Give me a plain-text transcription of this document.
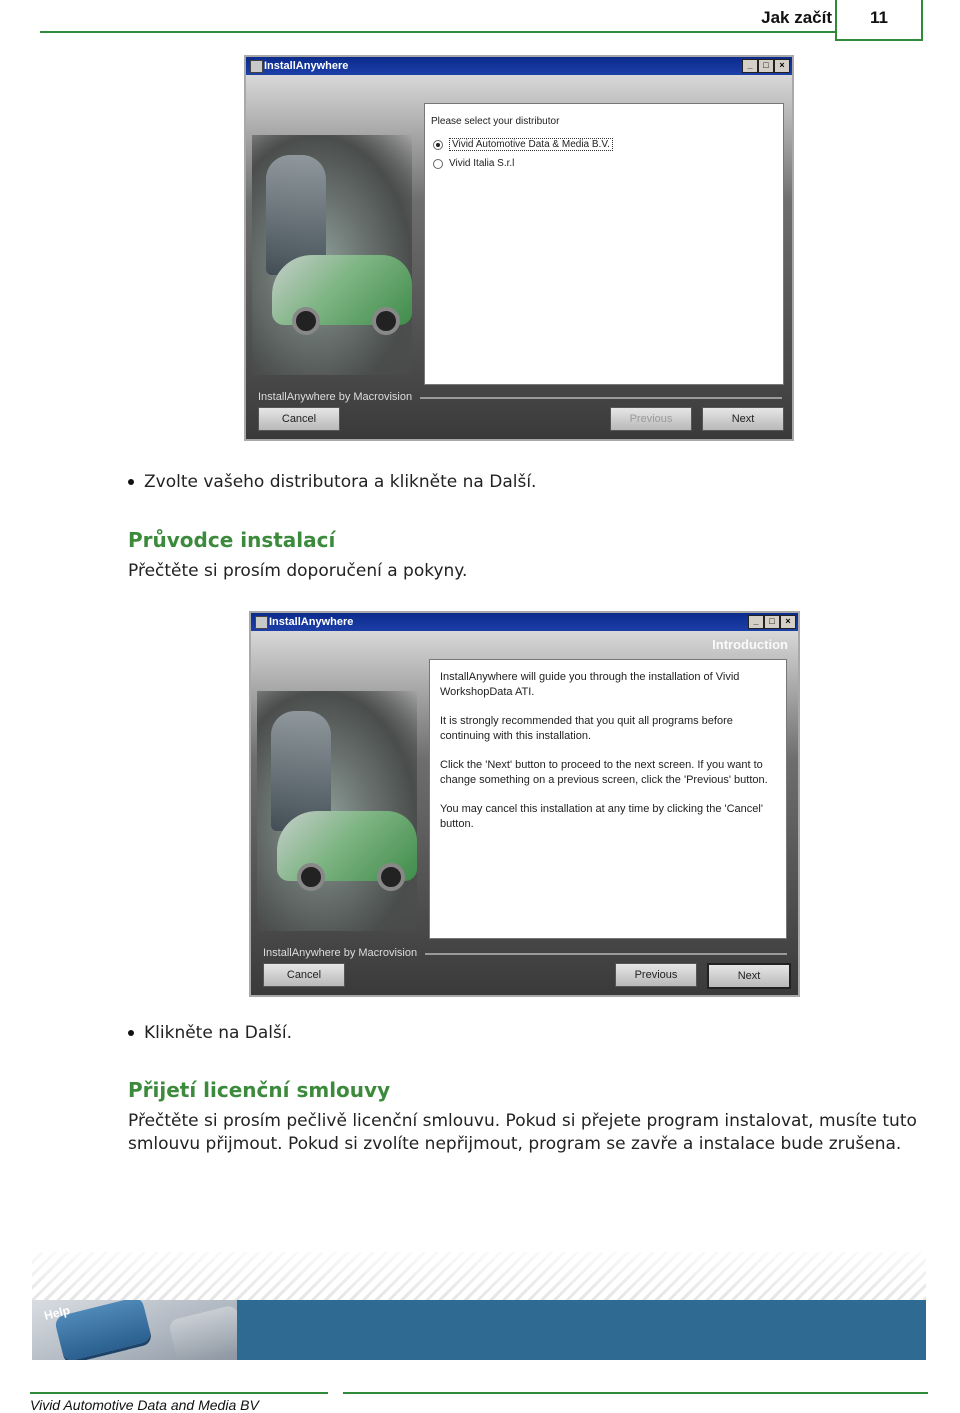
Jak začít	11
InstallAnywhere	_	□	×
Please select your distributor
Vivid Automotive Data & Media B.V.
Vivid Italia S.r.l
InstallAnywhere by Macrovision
Cancel	Previous	Next
Zvolte vašeho distributora a klikněte na Další.
Průvodce instalací
Přečtěte si prosím doporučení a pokyny.
InstallAnywhere	_	□	×
Introduction

InstallAnywhere will guide you through the installation of Vivid WorkshopData ATI.

It is strongly recommended that you quit all programs before continuing with this installation.

Click the 'Next' button to proceed to the next screen. If you want to change something on a previous screen, click the 'Previous' button.

You may cancel this installation at any time by clicking the 'Cancel' button.

InstallAnywhere by Macrovision
Cancel	Previous	Next
Klikněte na Další.
Přijetí licenční smlouvy
Přečtěte si prosím pečlivě licenční smlouvu. Pokud si přejete program instalovat, musíte tuto smlouvu přijmout. Pokud si zvolíte nepřijmout, program se zavře a instalace bude zrušena.
Help
Vivid Automotive Data and Media BV
